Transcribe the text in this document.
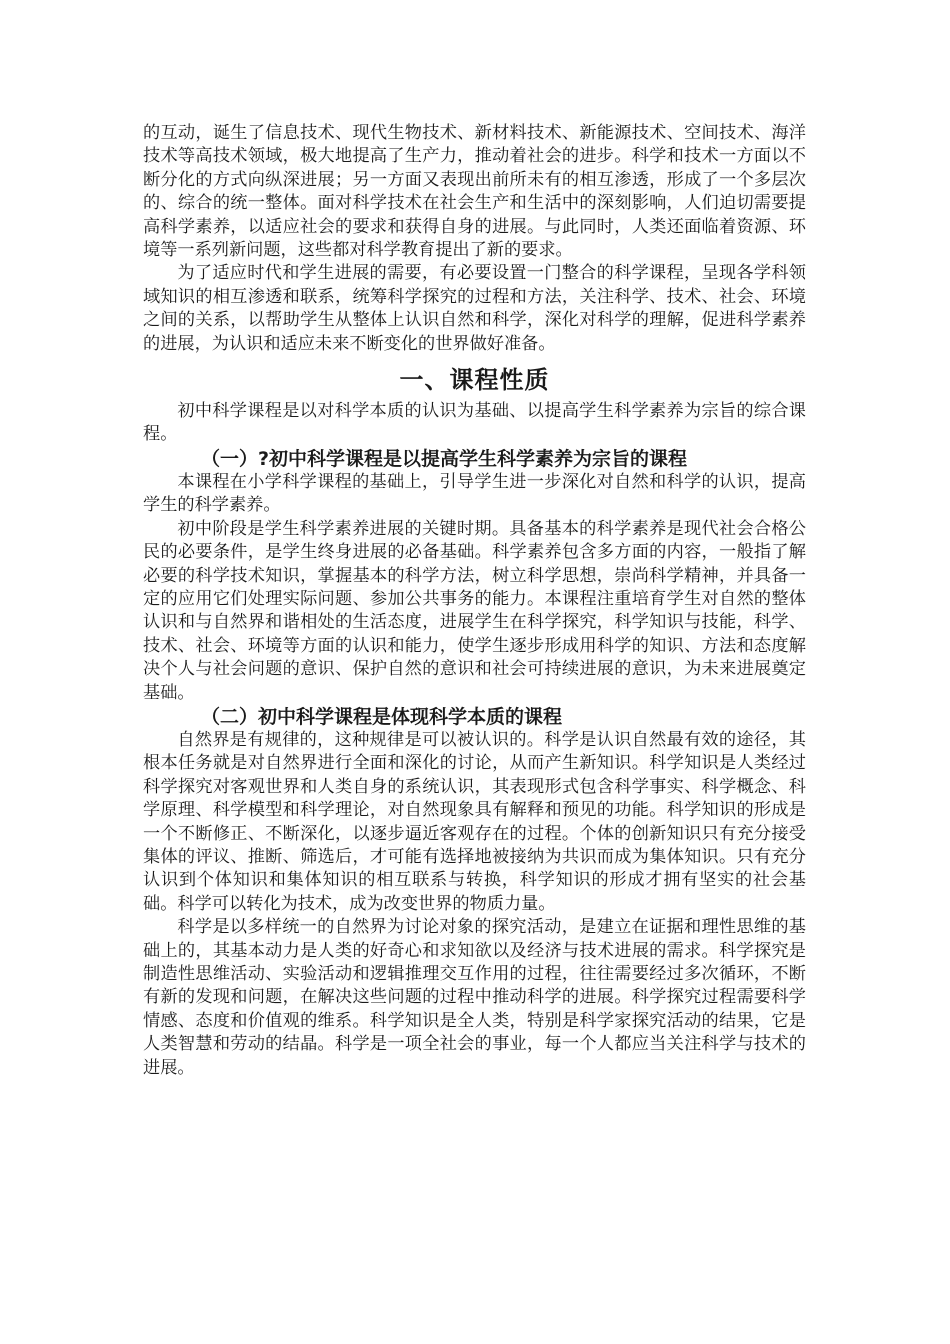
的互动，诞生了信息技术、现代生物技术、新材料技术、新能源技术、空间技术、海洋技术等高技术领域，极大地提高了生产力，推动着社会的进步。科学和技术一方面以不断分化的方式向纵深进展；另一方面又表现出前所未有的相互渗透，形成了一个多层次的、综合的统一整体。面对科学技术在社会生产和生活中的深刻影响，人们迫切需要提高科学素养，以适应社会的要求和获得自身的进展。与此同时，人类还面临着资源、环境等一系列新问题，这些都对科学教育提出了新的要求。

为了适应时代和学生进展的需要，有必要设置一门整合的科学课程，呈现各学科领域知识的相互渗透和联系，统筹科学探究的过程和方法，关注科学、技术、社会、环境之间的关系，以帮助学生从整体上认识自然和科学，深化对科学的理解，促进科学素养的进展，为认识和适应未来不断变化的世界做好准备。

一、课程性质

初中科学课程是以对科学本质的认识为基础、以提高学生科学素养为宗旨的综合课程。

（一）?初中科学课程是以提高学生科学素养为宗旨的课程

本课程在小学科学课程的基础上，引导学生进一步深化对自然和科学的认识，提高学生的科学素养。

初中阶段是学生科学素养进展的关键时期。具备基本的科学素养是现代社会合格公民的必要条件，是学生终身进展的必备基础。科学素养包含多方面的内容，一般指了解必要的科学技术知识，掌握基本的科学方法，树立科学思想，崇尚科学精神，并具备一定的应用它们处理实际问题、参加公共事务的能力。本课程注重培育学生对自然的整体认识和与自然界和谐相处的生活态度，进展学生在科学探究，科学知识与技能，科学、技术、社会、环境等方面的认识和能力，使学生逐步形成用科学的知识、方法和态度解决个人与社会问题的意识、保护自然的意识和社会可持续进展的意识，为未来进展奠定基础。

（二）初中科学课程是体现科学本质的课程

自然界是有规律的，这种规律是可以被认识的。科学是认识自然最有效的途径，其根本任务就是对自然界进行全面和深化的讨论，从而产生新知识。科学知识是人类经过科学探究对客观世界和人类自身的系统认识，其表现形式包含科学事实、科学概念、科学原理、科学模型和科学理论，对自然现象具有解释和预见的功能。科学知识的形成是一个不断修正、不断深化，以逐步逼近客观存在的过程。个体的创新知识只有充分接受集体的评议、推断、筛选后，才可能有选择地被接纳为共识而成为集体知识。只有充分认识到个体知识和集体知识的相互联系与转换，科学知识的形成才拥有坚实的社会基础。科学可以转化为技术，成为改变世界的物质力量。

科学是以多样统一的自然界为讨论对象的探究活动，是建立在证据和理性思维的基础上的，其基本动力是人类的好奇心和求知欲以及经济与技术进展的需求。科学探究是制造性思维活动、实验活动和逻辑推理交互作用的过程，往往需要经过多次循环，不断有新的发现和问题，在解决这些问题的过程中推动科学的进展。科学探究过程需要科学情感、态度和价值观的维系。科学知识是全人类，特别是科学家探究活动的结果，它是人类智慧和劳动的结晶。科学是一项全社会的事业，每一个人都应当关注科学与技术的进展。
